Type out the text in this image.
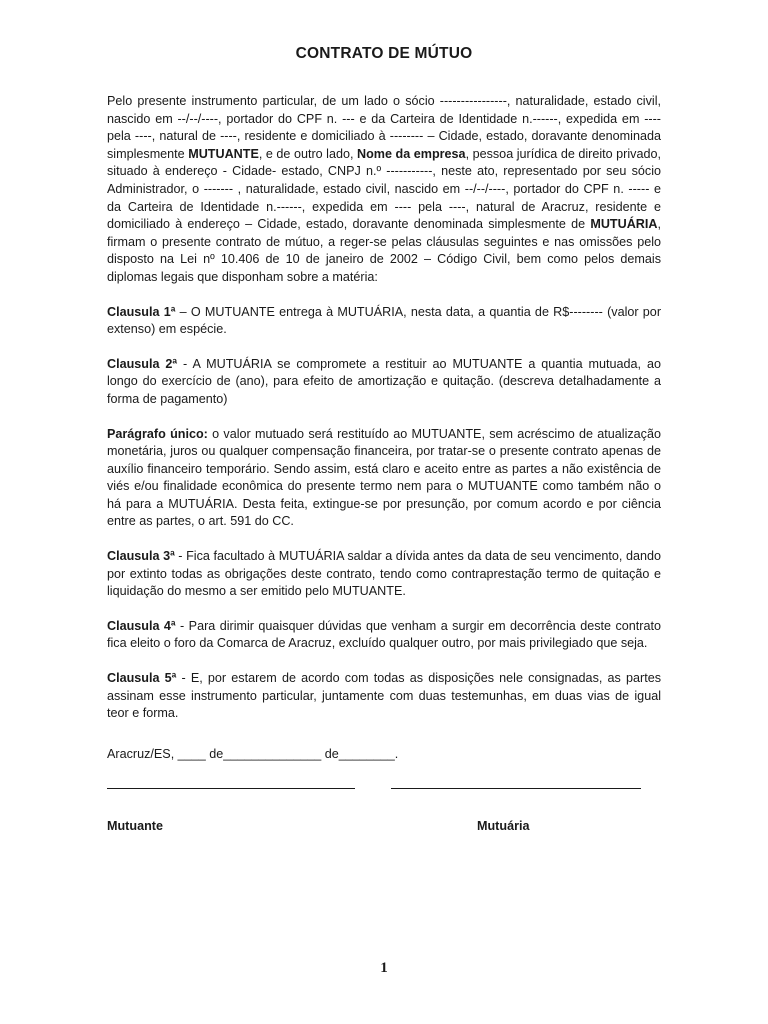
CONTRATO DE MÚTUO

Pelo presente instrumento particular, de um lado o sócio ----------------, naturalidade, estado civil, nascido em --/--/----, portador do CPF n. --- e da Carteira de Identidade n.------, expedida em ---- pela ----, natural de ----, residente e domiciliado à -------- – Cidade, estado, doravante denominada simplesmente MUTUANTE, e de outro lado, Nome da empresa, pessoa jurídica de direito privado, situado à endereço - Cidade- estado, CNPJ n.º -----------, neste ato, representado por seu sócio Administrador, o ------- , naturalidade, estado civil, nascido em --/--/----, portador do CPF n. ----- e da Carteira de Identidade n.------, expedida em ---- pela ----, natural de Aracruz, residente e domiciliado à endereço – Cidade, estado, doravante denominada simplesmente de MUTUÁRIA, firmam o presente contrato de mútuo, a reger-se pelas cláusulas seguintes e nas omissões pelo disposto na Lei nº 10.406 de 10 de janeiro de 2002 – Código Civil, bem como pelos demais diplomas legais que disponham sobre a matéria:

Clausula 1ª – O MUTUANTE entrega à MUTUÁRIA, nesta data, a quantia de R$-------- (valor por extenso) em espécie.

Clausula 2ª - A MUTUÁRIA se compromete a restituir ao MUTUANTE a quantia mutuada, ao longo do exercício de (ano), para efeito de amortização e quitação. (descreva detalhadamente a forma de pagamento)

Parágrafo único: o valor mutuado será restituído ao MUTUANTE, sem acréscimo de atualização monetária, juros ou qualquer compensação financeira, por tratar-se o presente contrato apenas de auxílio financeiro temporário. Sendo assim, está claro e aceito entre as partes a não existência de viés e/ou finalidade econômica do presente termo nem para o MUTUANTE como também não o há para a MUTUÁRIA. Desta feita, extingue-se por presunção, por comum acordo e por ciência entre as partes, o art. 591 do CC.

Clausula 3ª - Fica facultado à MUTUÁRIA saldar a dívida antes da data de seu vencimento, dando por extinto todas as obrigações deste contrato, tendo como contraprestação termo de quitação e liquidação do mesmo a ser emitido pelo MUTUANTE.

Clausula 4ª - Para dirimir quaisquer dúvidas que venham a surgir em decorrência deste contrato fica eleito o foro da Comarca de Aracruz, excluído qualquer outro, por mais privilegiado que seja.

Clausula 5ª - E, por estarem de acordo com todas as disposições nele consignadas, as partes assinam esse instrumento particular, juntamente com duas testemunhas, em duas vias de igual teor e forma.

Aracruz/ES, ____ de______________ de________.
Mutuante	Mutuária
1
